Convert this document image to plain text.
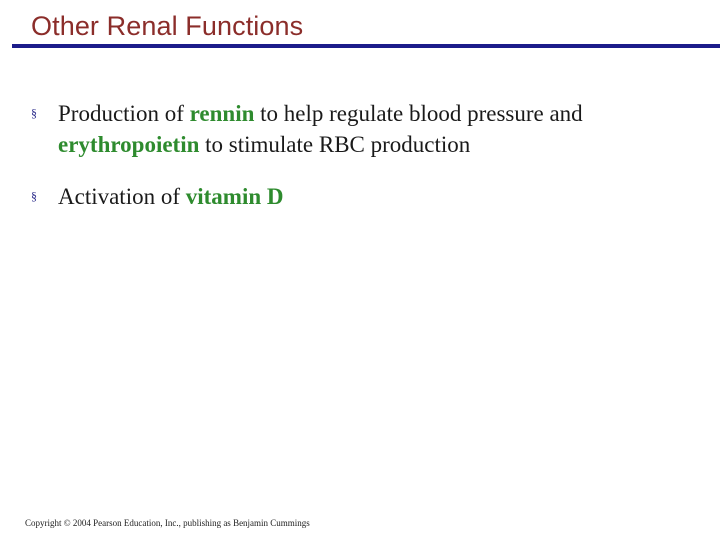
Other Renal Functions
§ Production of rennin to help regulate blood pressure and
erythropoietin to stimulate RBC production
§ Activation of vitamin D
Copyright © 2004 Pearson Education, Inc., publishing as Benjamin Cummings
